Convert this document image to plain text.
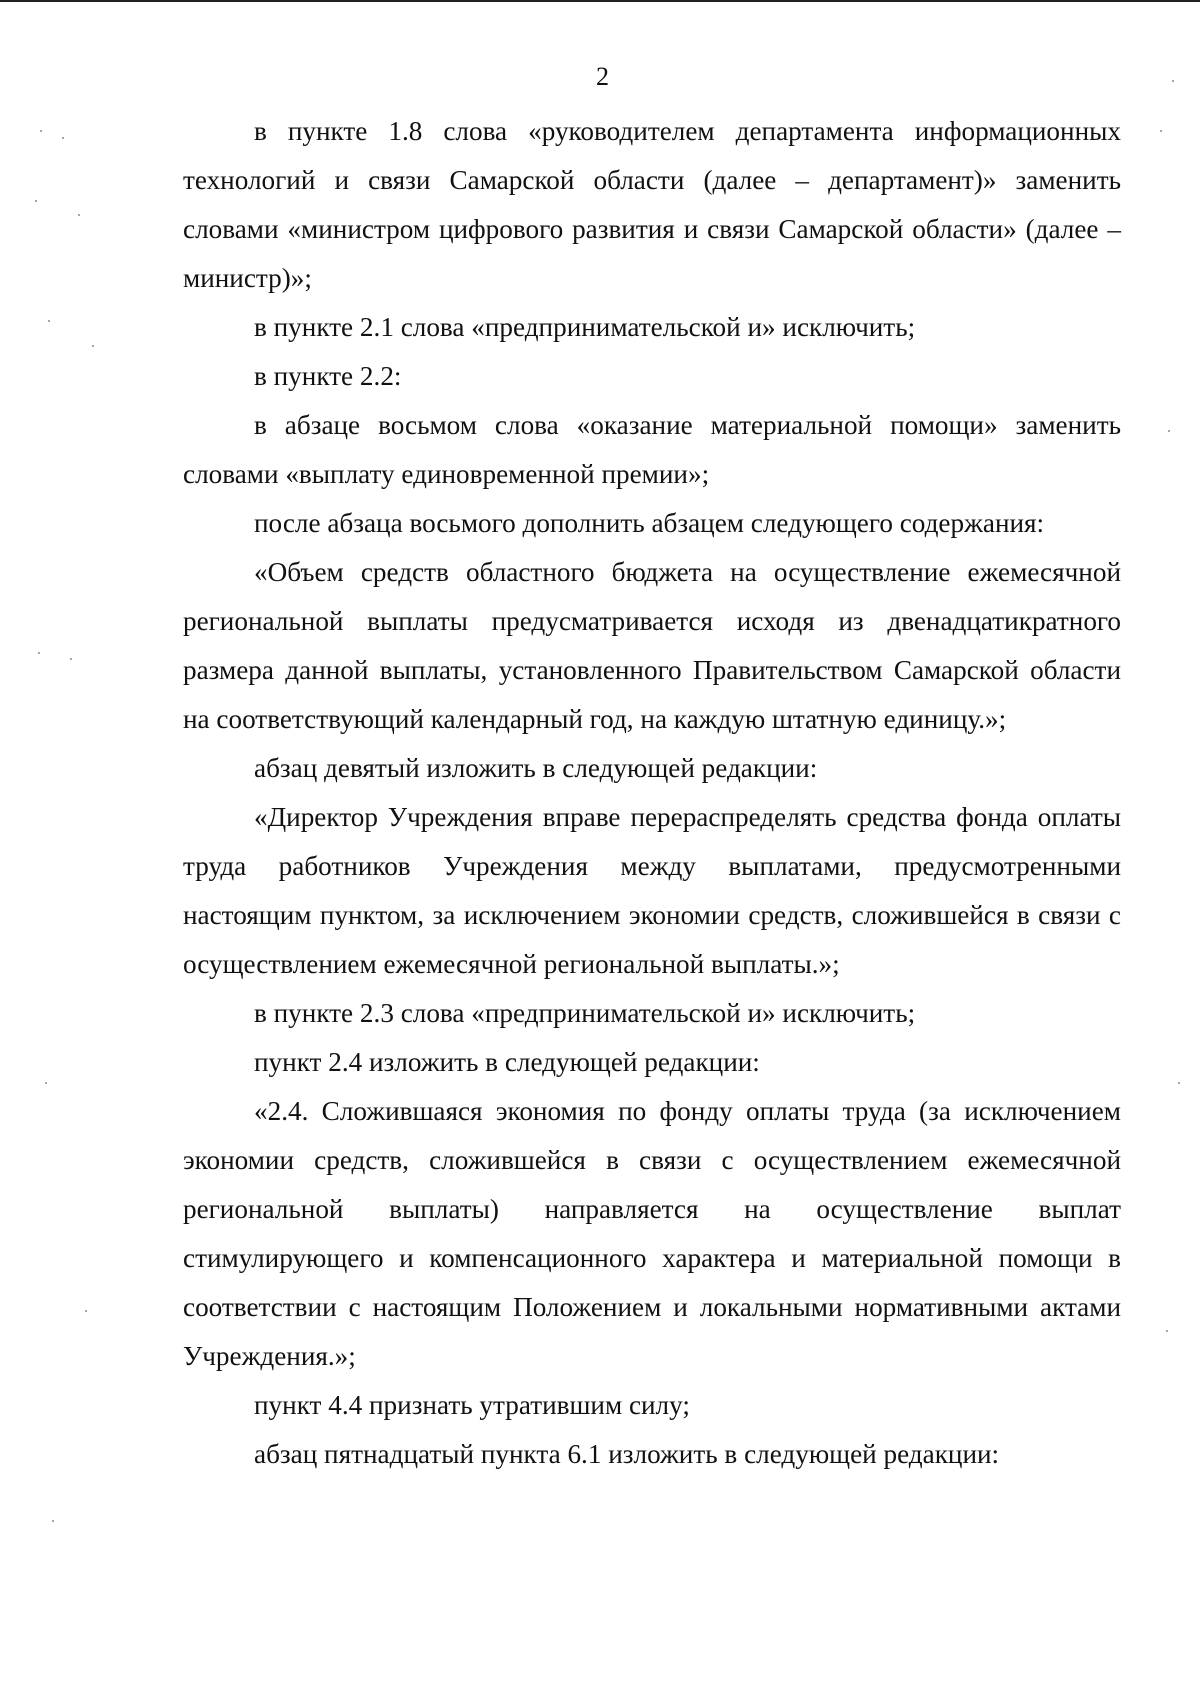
2

в пункте 1.8 слова «руководителем департамента информационных технологий и связи Самарской области (далее – департамент)» заменить словами «министром цифрового развития и связи Самарской области» (далее – министр)»;

в пункте 2.1 слова «предпринимательской и» исключить;

в пункте 2.2:

в абзаце восьмом слова «оказание материальной помощи» заменить словами «выплату единовременной премии»;

после абзаца восьмого дополнить абзацем следующего содержания:

«Объем средств областного бюджета на осуществление ежемесячной региональной выплаты предусматривается исходя из двенадцатикратного размера данной выплаты, установленного Правительством Самарской области на соответствующий календарный год, на каждую штатную единицу.»;

абзац девятый изложить в следующей редакции:

«Директор Учреждения вправе перераспределять средства фонда оплаты труда работников Учреждения между выплатами, предусмотренными настоящим пунктом, за исключением экономии средств, сложившейся в связи с осуществлением ежемесячной региональной выплаты.»;

в пункте 2.3 слова «предпринимательской и» исключить;

пункт 2.4 изложить в следующей редакции:

«2.4. Сложившаяся экономия по фонду оплаты труда (за исключением экономии средств, сложившейся в связи с осуществлением ежемесячной региональной выплаты) направляется на осуществление выплат стимулирующего и компенсационного характера и материальной помощи в соответствии с настоящим Положением и локальными нормативными актами Учреждения.»;

пункт 4.4 признать утратившим силу;

абзац пятнадцатый пункта 6.1 изложить в следующей редакции:
